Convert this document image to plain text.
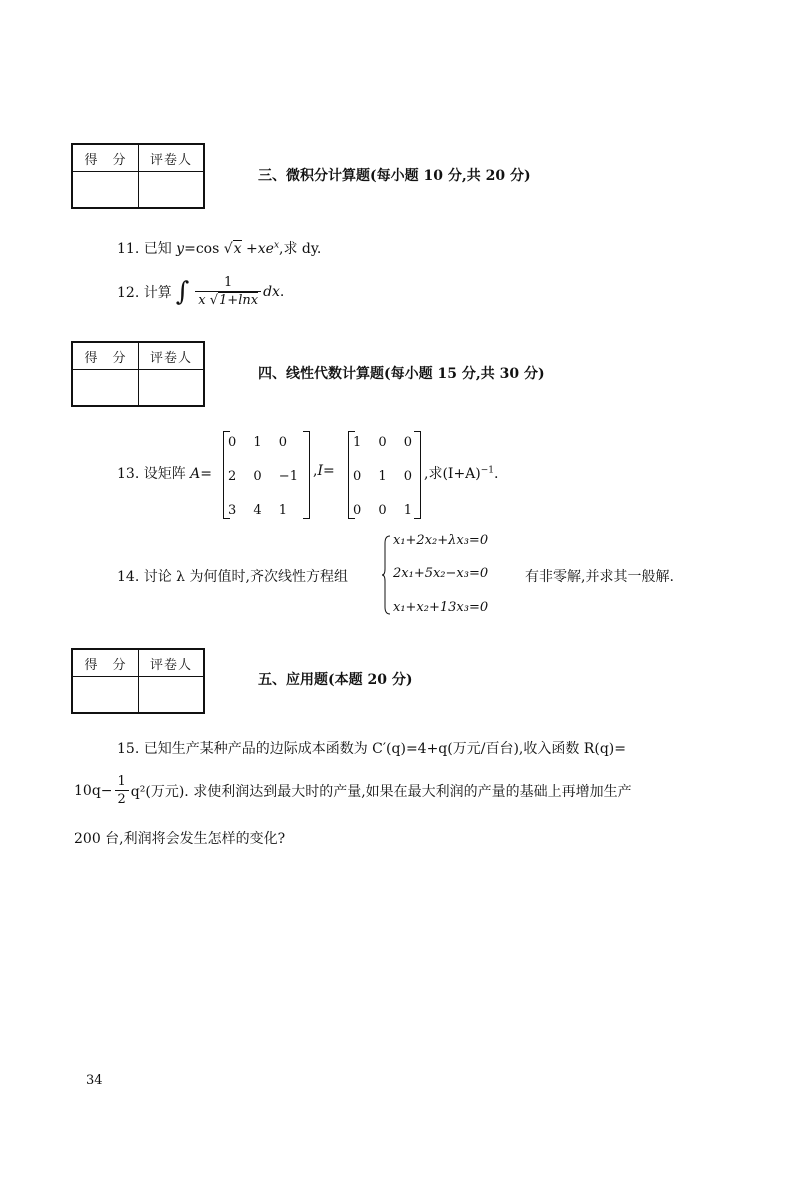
得　分	评卷人
三、微积分计算题(每小题 10 分,共 20 分)
11. 已知 y=cos $√x +xe^x$,求 dy.
12. 计算 ∫ $\frac{1}{x √1+\ln x}$ dx .
得　分	评卷人
四、线性代数计算题(每小题 15 分,共 30 分)
13. 设矩阵 A=
0　 1　 0
2　 0　 −1
3　 4　 1
,I=
1　 0　 0
0　 1　 0
0　 0　 1
,求$(I+A)^{-1}$.
14. 讨论 λ 为何值时,齐次线性方程组
x₁+2x₂+λx₃=0
2x₁+5x₂−x₃=0
x₁+x₂+13x₃=0
有非零解,并求其一般解.
得　分	评卷人
五、应用题(本题 20 分)
15. 已知生产某种产品的边际成本函数为 C′(q)=4+q(万元/百台),收入函数 R(q)=
$10q- \frac{1}{2} q^2$(万元). 求使利润达到最大时的产量,如果在最大利润的产量的基础上再增加生产
200 台,利润将会发生怎样的变化?
34
